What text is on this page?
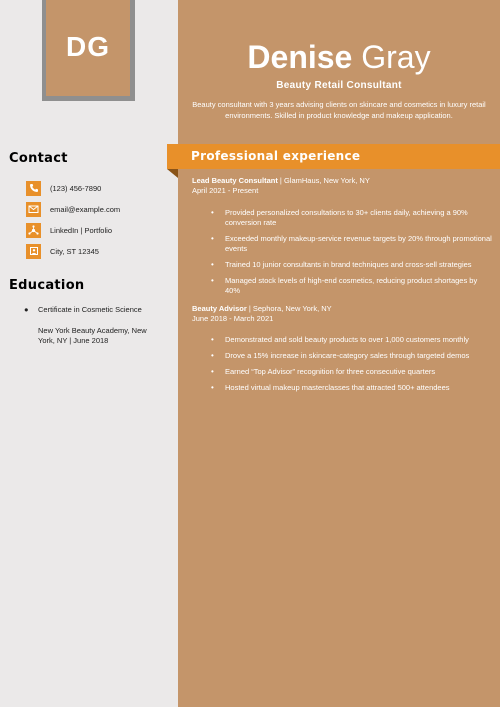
DG
Contact
(123) 456-7890
email@example.com
LinkedIn | Portfolio
City, ST 12345
Education
●	Certificate in Cosmetic Science
New York Beauty Academy, New York, NY | June 2018
Denise Gray
Beauty Retail Consultant
Beauty consultant with 3 years advising clients on skincare and cosmetics in luxury retail environments. Skilled in product knowledge and makeup application.
Professional experience
Lead Beauty Consultant | GlamHaus, New York, NY
April 2021 - Present
• Provided personalized consultations to 30+ clients daily, achieving a 90% conversion rate
• Exceeded monthly makeup-service revenue targets by 20% through promotional events
• Trained 10 junior consultants in brand techniques and cross-sell strategies
• Managed stock levels of high-end cosmetics, reducing product shortages by 40%
Beauty Advisor | Sephora, New York, NY
June 2018 - March 2021
• Demonstrated and sold beauty products to over 1,000 customers monthly
• Drove a 15% increase in skincare-category sales through targeted demos
• Earned “Top Advisor” recognition for three consecutive quarters
• Hosted virtual makeup masterclasses that attracted 500+ attendees
